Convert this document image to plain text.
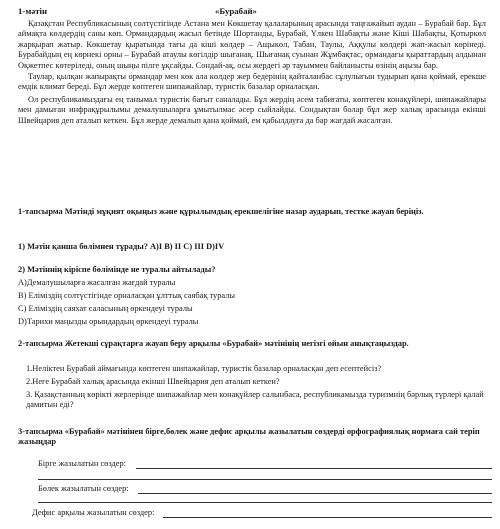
1-мәтін	«Бурабай»

Қазақстан Республикасының солтүстігінде Астана мен Көкшетау қалаларының арасында таңғажайып аудан – Бурабай бар. Бұл аймақта көлдердің саны көп. Ормандардың жасыл бетінде Шортанды, Бурабай, Үлкен Шабақты және Кіші Шабақты, Қотыркөл жарқырап жатыр. Көкшетау қыратында тағы да кіші көлдер – Ащыкөл, Табан, Таулы, Аққулы көлдері жап-жасыл көрінеді. Бурабайдың ең көрнекі орны – Бурабай атаулы көгілдір шығанақ. Шығанақ суынан Жұмбақтас, ормандағы қыраттардың алдынан Оқжетпес көтеріледі, оның шыңы пілге ұқсайды. Сондай-ақ, осы жердегі әр тауыммен байланысты өзінің аңызы бар.

Таулар, қылқан жапырақты ормандар мен көк ала көлдер жер бедерінің қайталанбас сұлулығын тудырып қана қоймай, ерекше емдік климат береді. Бұл жерде көптеген шипажайлар, туристік базалар орналасқан.

Ол республикамыздағы ең танымал туристік бағыт саналады. Бұл жердің әсем табиғаты, көптеген конақүйлері, шипажайлары мен дамыған инфрақұрылымы демалушыларға ұмытылмас әсер сыйлайды. Сондықтан болар бұл жер халық арасында екінші Швейцария деп аталып кеткен. Бұл жерде демалып қана қоймай, ем қабылдауға да бар жағдай жасалған.

1-тапсырма Мәтінді мұқият оқыңыз және құрылымдық ерекшелігіне назар аударып, тестке жауап беріңіз.
1) Мәтін қанша бөлімнен тұрады? A)I B) II C) III D)IV
2) Мәтіннің кіріспе бөлімінде не туралы айтылады?
А)Демалушыларға жасалған жағдай туралы
B) Еліміздің солтүстігінде орналасқан ұлттық саябақ туралы
C) Еліміздің саяхат саласының өркендеуі туралы
D)Тарихи маңызды орындардың өркендеуі туралы
2-тапсырма Жетекші сұрақтарға жауап беру арқылы «Бурабай» мәтінінің негізгі ойын анықтаңыздар.
1.Неліктен Бурабай аймағында көптеген шипажайлар, туристік базалар орналасқан деп есептейсіз?
2.Неге Бурабай халық арасында екінші Швейцария деп аталып кеткен?
3. Қазақстанның көрікті жерлерінде шипажайлар мен конақүйлер салынбаса, республикамызда туризмнің бәрлық түрлері қалай дамитын еді?
3-тапсырма «Бурабай» мәтінінен бірге,бөлек және дефис арқылы жазылатын сөздерді орфографиялық нормаға сай теріп жазыңдар
Бірге жазылатын сөздер:
Бөлек жазылатын сөздер:
Дефис арқылы жазылатын сөздер:
